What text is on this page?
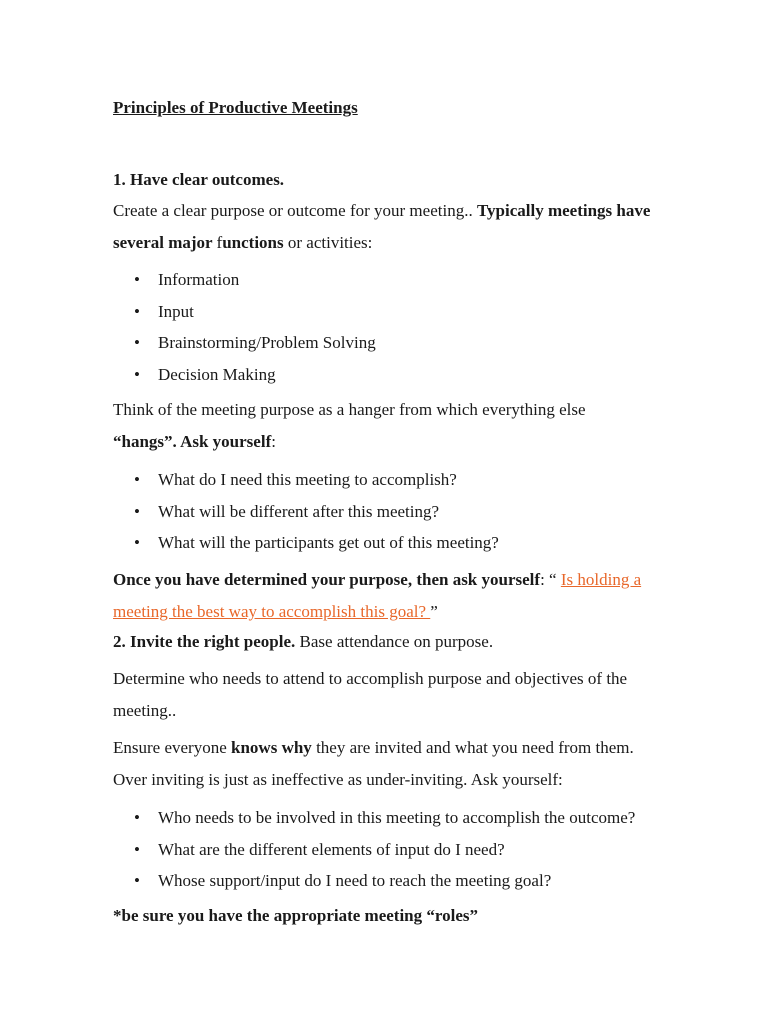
Principles of Productive Meetings
1. Have clear outcomes.
Create a clear purpose or outcome for your meeting.. Typically meetings have several major functions or activities:
• Information
• Input
• Brainstorming/Problem Solving
• Decision Making
Think of the meeting purpose as a hanger from which everything else “hangs”. Ask yourself:
• What do I need this meeting to accomplish?
• What will be different after this meeting?
• What will the participants get out of this meeting?
Once you have determined your purpose, then ask yourself: “ Is holding a meeting the best way to accomplish this goal? ”
2. Invite the right people. Base attendance on purpose.
Determine who needs to attend to accomplish purpose and objectives of the meeting..
Ensure everyone knows why they are invited and what you need from them. Over inviting is just as ineffective as under-inviting. Ask yourself:
• Who needs to be involved in this meeting to accomplish the outcome?
• What are the different elements of input do I need?
• Whose support/input do I need to reach the meeting goal?
*be sure you have the appropriate meeting “roles”
